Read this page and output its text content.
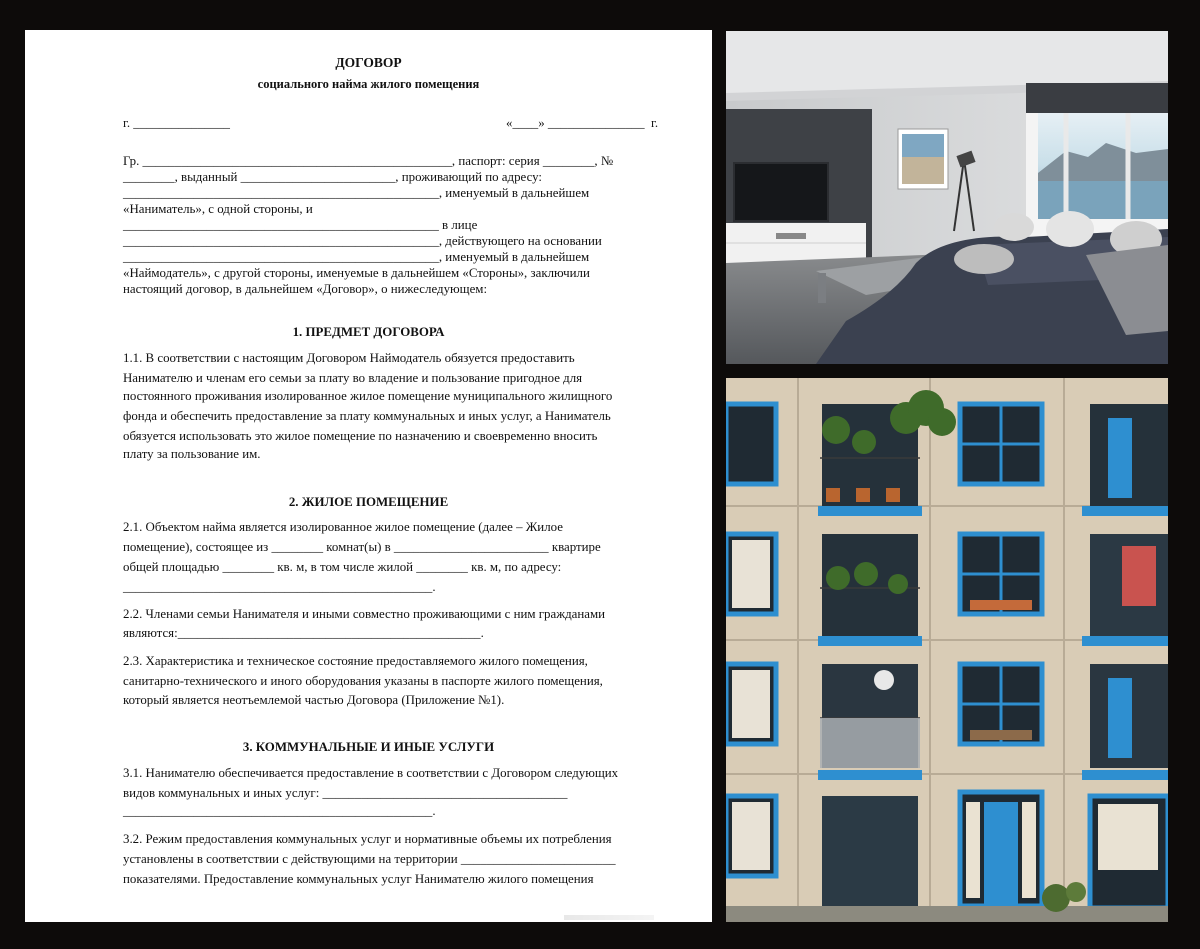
ДОГОВОР
социального найма жилого помещения
г. _______________	«____» _______________  г.
Гр. ________________________________________________, паспорт: серия ________, №
________, выданный ________________________, проживающий по адресу:
_________________________________________________, именуемый в дальнейшем
«Наниматель», с одной стороны, и
_________________________________________________ в лице
_________________________________________________, действующего на основании
_________________________________________________, именуемый в дальнейшем
«Наймодатель», с другой стороны, именуемые в дальнейшем «Стороны», заключили
настоящий договор, в дальнейшем «Договор», о нижеследующем:
1. ПРЕДМЕТ ДОГОВОРА
1.1. В соответствии с настоящим Договором Наймодатель обязуется предоставить
Нанимателю и членам его семьи за плату во владение и пользование пригодное для
постоянного проживания изолированное жилое помещение муниципального жилищного
фонда и обеспечить предоставление за плату коммунальных и иных услуг, а Наниматель
обязуется использовать это жилое помещение по назначению и своевременно вносить
плату за пользование им.
2. ЖИЛОЕ ПОМЕЩЕНИЕ
2.1. Объектом найма является изолированное жилое помещение (далее – Жилое
помещение), состоящее из ________ комнат(ы) в ________________________ квартире
общей площадью ________ кв. м, в том числе жилой ________ кв. м, по адресу:
________________________________________________.
2.2. Членами семьи Нанимателя и иными совместно проживающими с ним гражданами
являются:_______________________________________________.
2.3. Характеристика и техническое состояние предоставляемого жилого помещения,
санитарно-технического и иного оборудования указаны в паспорте жилого помещения,
который является неотъемлемой частью Договора (Приложение №1).
3. КОММУНАЛЬНЫЕ И ИНЫЕ УСЛУГИ
3.1. Нанимателю обеспечивается предоставление в соответствии с Договором следующих
видов коммунальных и иных услуг: ______________________________________
________________________________________________.
3.2. Режим предоставления коммунальных услуг и нормативные объемы их потребления
установлены в соответствии с действующими на территории ________________________
показателями. Предоставление коммунальных услуг Нанимателю жилого помещения
